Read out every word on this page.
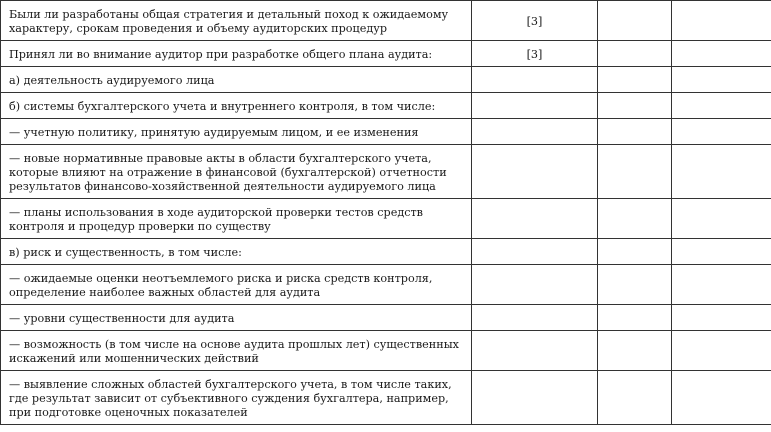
Были ли разработаны общая стратегия и детальный поход к ожидаемому характеру, срокам проведения и объему аудиторских процедур	[3]		
Принял ли во внимание аудитор при разработке общего плана аудита:	[3]		
а) деятельность аудируемого лица			
б) системы бухгалтерского учета и внутреннего контроля, в том числе:			
— учетную политику, принятую аудируемым лицом, и ее изменения			
— новые нормативные правовые акты в области бухгалтерского учета, которые влияют на отражение в финансовой (бухгалтерской) отчетности результатов финансово-хозяйственной деятельности аудируемого лица			
— планы использования в ходе аудиторской проверки тестов средств контроля и процедур проверки по существу			
в) риск и существенность, в том числе:			
— ожидаемые оценки неотъемлемого риска и риска средств контроля, определение наиболее важных областей для аудита			
— уровни существенности для аудита			
— возможность (в том числе на основе аудита прошлых лет) существенных искажений или мошеннических действий			
— выявление сложных областей бухгалтерского учета, в том числе таких, где результат зависит от субъективного суждения бухгалтера, например, при подготовке оценочных показателей			
